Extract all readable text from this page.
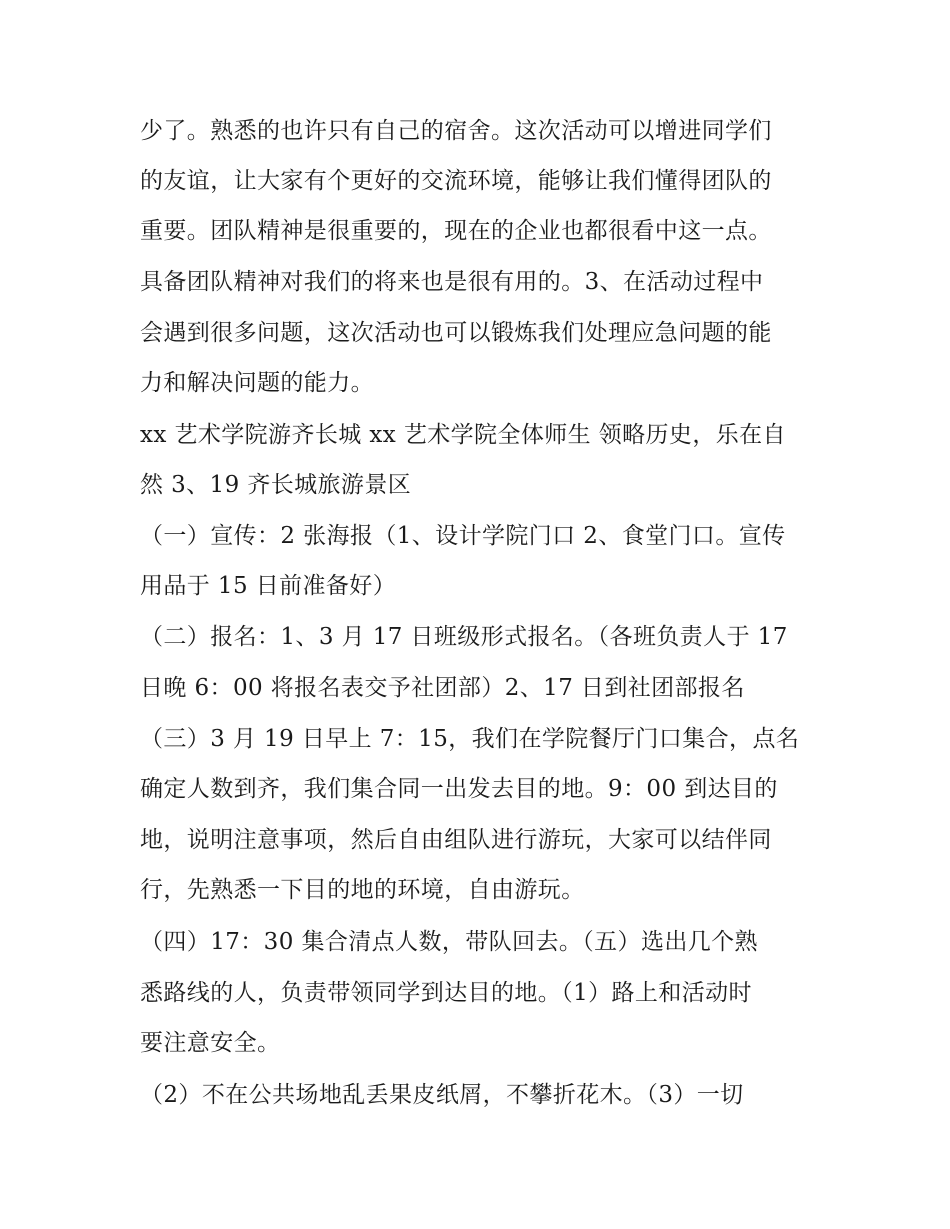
少了。熟悉的也许只有自己的宿舍。这次活动可以增进同学们
的友谊，让大家有个更好的交流环境，能够让我们懂得团队的
重要。团队精神是很重要的，现在的企业也都很看中这一点。
具备团队精神对我们的将来也是很有用的。3、在活动过程中
会遇到很多问题，这次活动也可以锻炼我们处理应急问题的能
力和解决问题的能力。
xx 艺术学院游齐长城 xx 艺术学院全体师生 领略历史，乐在自
然 3、19 齐长城旅游景区
（一）宣传：2 张海报（1、设计学院门口 2、食堂门口。宣传
用品于 15 日前准备好）
（二）报名：1、3 月 17 日班级形式报名。（各班负责人于 17
日晚 6：00 将报名表交予社团部）2、17 日到社团部报名
（三）3 月 19 日早上 7：15，我们在学院餐厅门口集合，点名
确定人数到齐，我们集合同一出发去目的地。9：00 到达目的
地，说明注意事项，然后自由组队进行游玩，大家可以结伴同
行，先熟悉一下目的地的环境，自由游玩。
（四）17：30 集合清点人数，带队回去。（五）选出几个熟
悉路线的人，负责带领同学到达目的地。（1）路上和活动时
要注意安全。
（2）不在公共场地乱丢果皮纸屑，不攀折花木。（3）一切
